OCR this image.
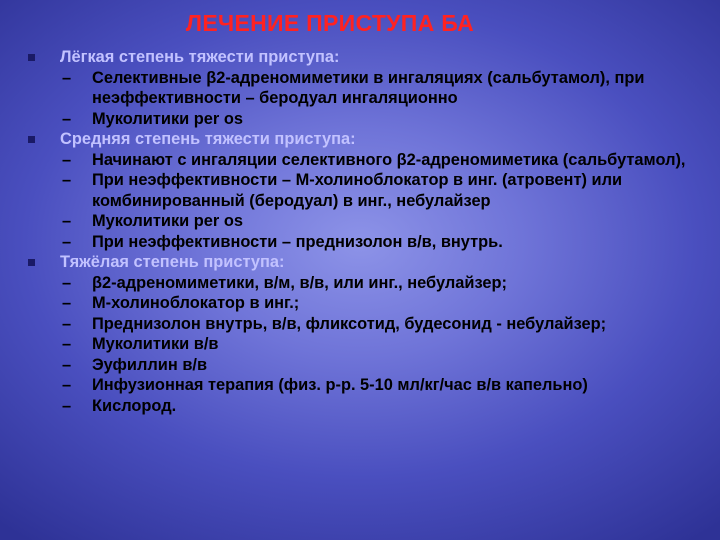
ЛЕЧЕНИЕ ПРИСТУПА БА
Лёгкая степень тяжести приступа:
– Селективные β2-адреномиметики в ингаляциях (сальбутамол), при неэффективности – беродуал ингаляционно
– Муколитики per os
Средняя степень тяжести приступа:
– Начинают с ингаляции селективного β2-адреномиметика (сальбутамол),
– При неэффективности – М-холиноблокатор в инг. (атровент) или комбинированный (беродуал) в инг., небулайзер
– Муколитики per os
– При неэффективности – преднизолон в/в, внутрь.
Тяжёлая степень приступа:
– β2-адреномиметики, в/м, в/в, или инг., небулайзер;
– М-холиноблокатор в инг.;
– Преднизолон внутрь, в/в, фликсотид, будесонид - небулайзер;
– Муколитики в/в
– Эуфиллин в/в
– Инфузионная терапия (физ. р-р. 5-10 мл/кг/час в/в капельно)
– Кислород.
